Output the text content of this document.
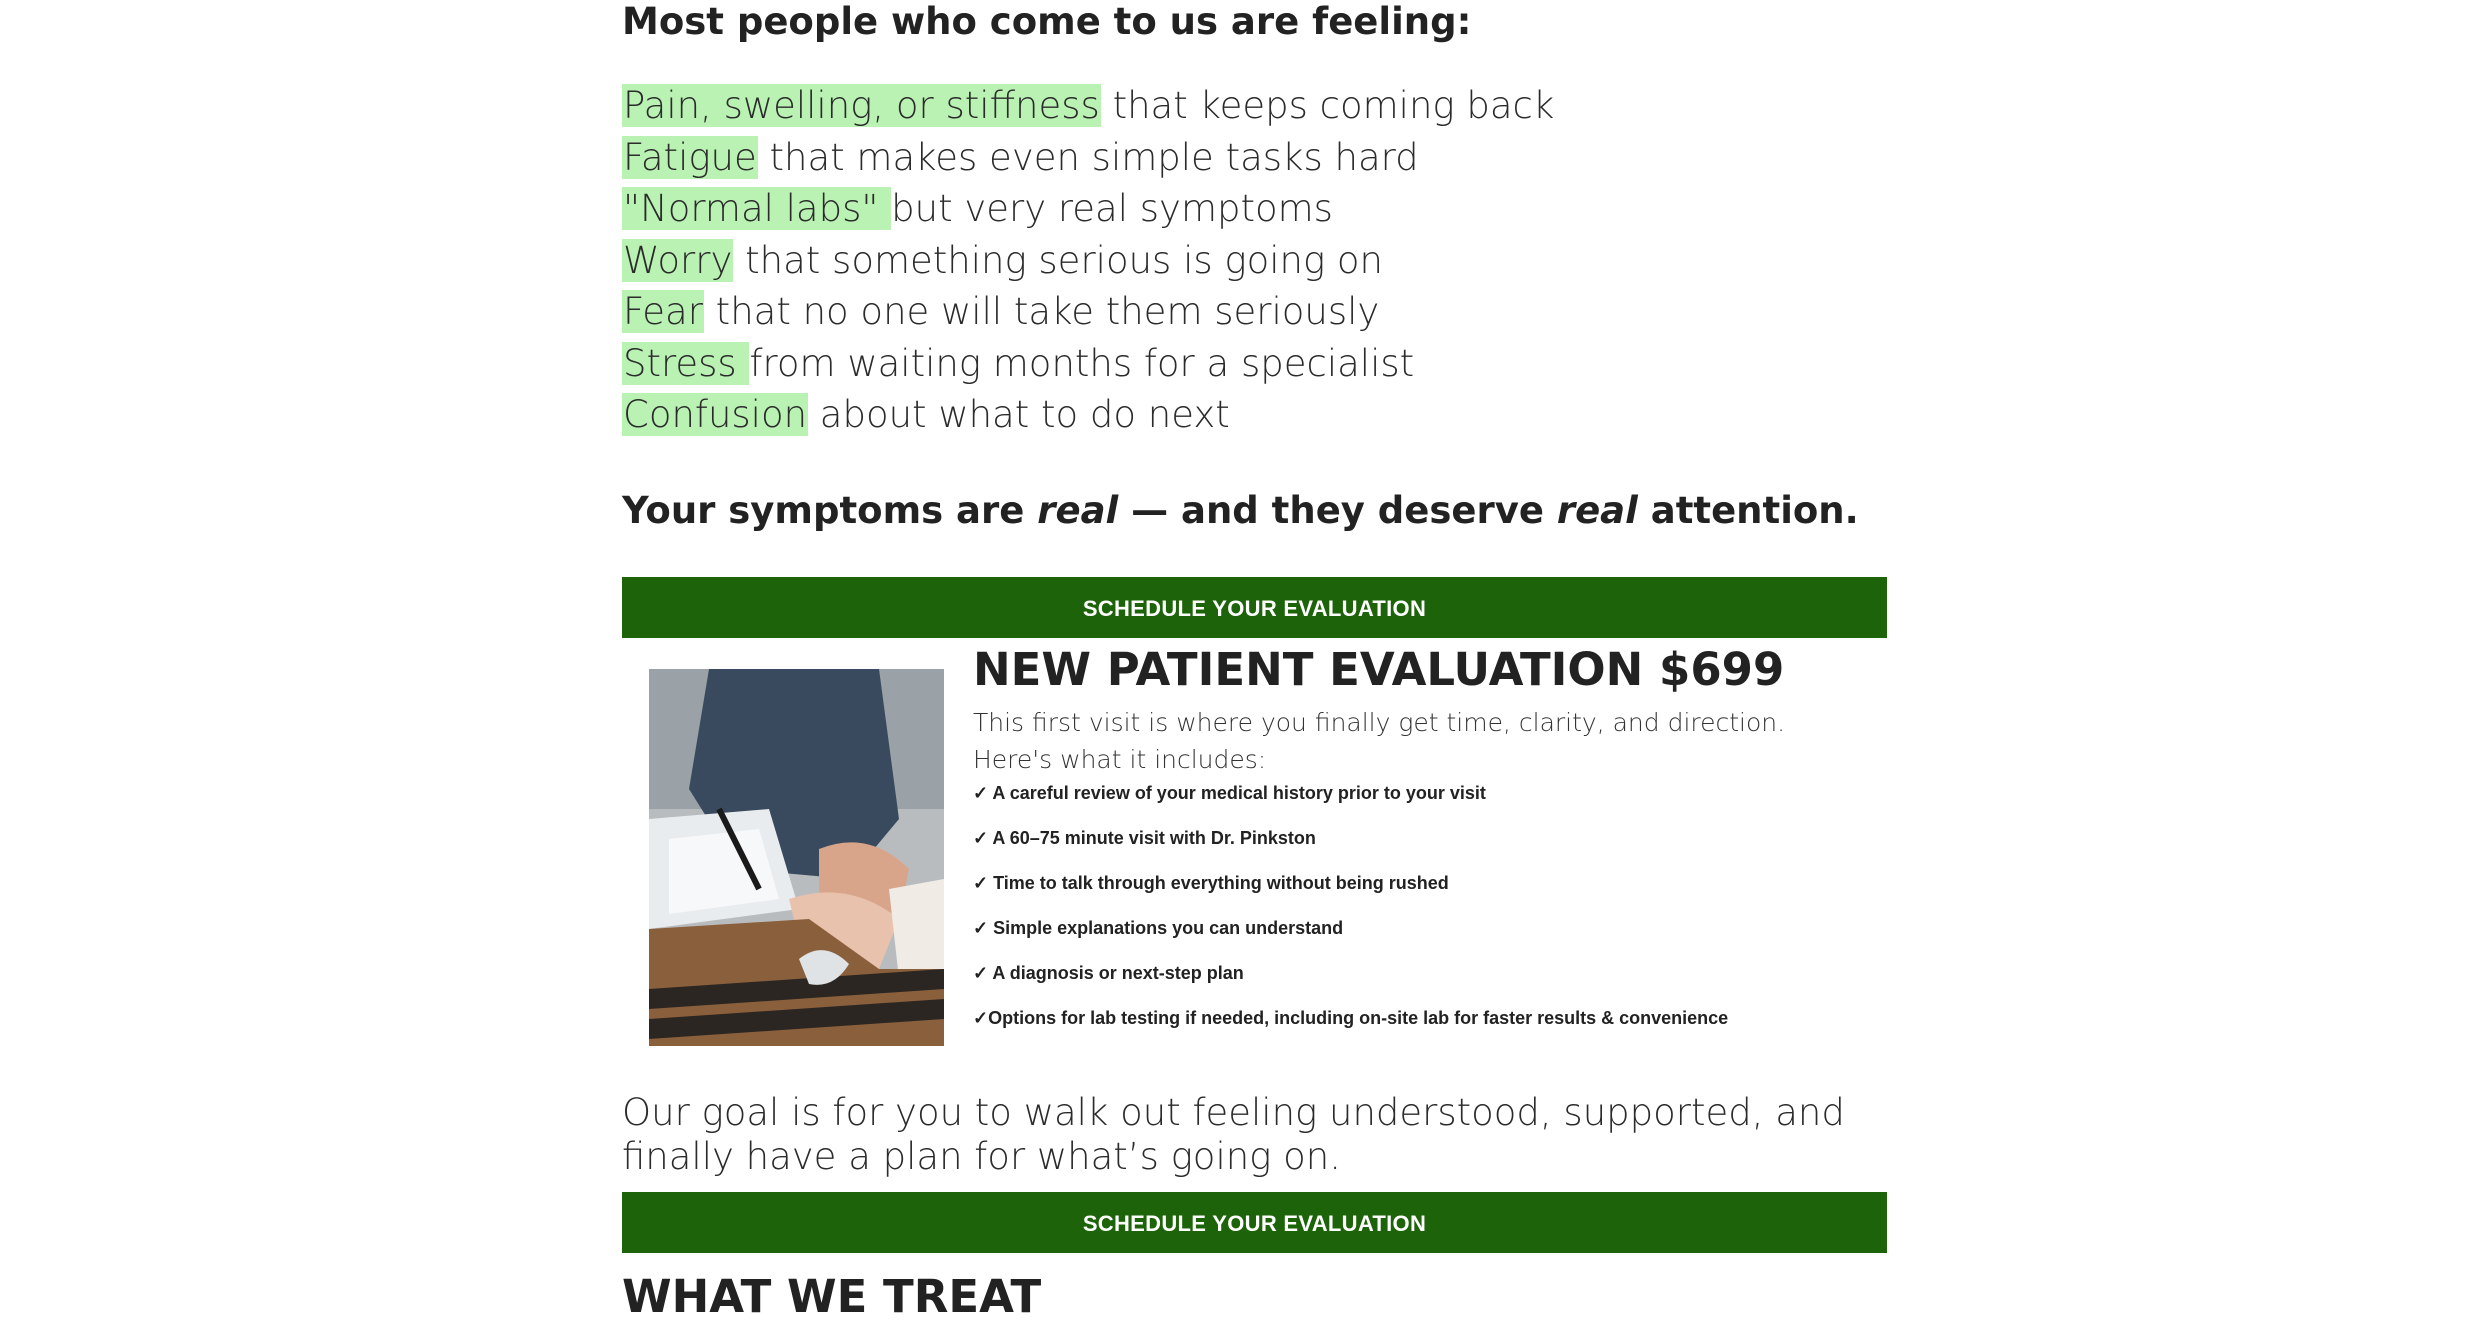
Most people who come to us are feeling:
Pain, swelling, or stiffness that keeps coming back
Fatigue that makes even simple tasks hard
"Normal labs" but very real symptoms
Worry that something serious is going on
Fear that no one will take them seriously
Stress from waiting months for a specialist
Confusion about what to do next

Your symptoms are real — and they deserve real attention.

SCHEDULE YOUR EVALUATION
NEW PATIENT EVALUATION $699
This first visit is where you finally get time, clarity, and direction.
Here's what it includes:
✓ A careful review of your medical history prior to your visit
✓ A 60–75 minute visit with Dr. Pinkston
✓ Time to talk through everything without being rushed
✓ Simple explanations you can understand
✓ A diagnosis or next-step plan
✓Options for lab testing if needed, including on-site lab for faster results & convenience

Our goal is for you to walk out feeling understood, supported, and finally have a plan for what’s going on.

SCHEDULE YOUR EVALUATION
WHAT WE TREAT
